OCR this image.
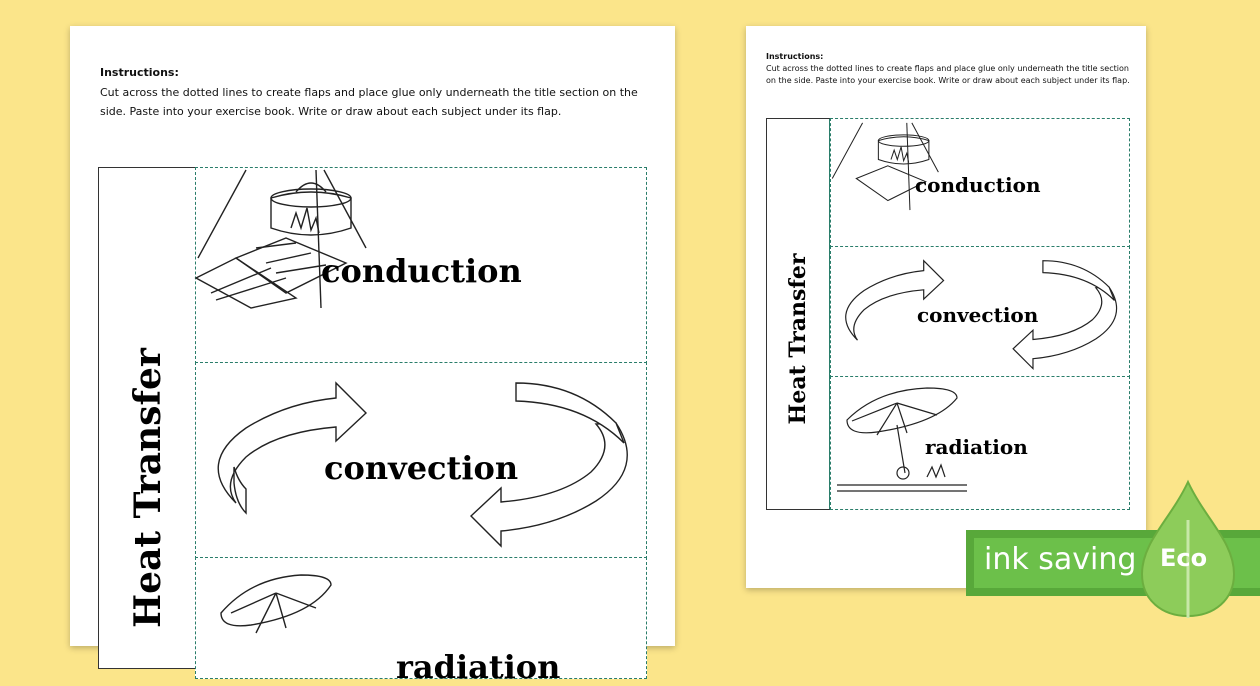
Instructions:
Cut across the dotted lines to create flaps and place glue only underneath the title section on the side. Paste into your exercise book. Write or draw about each subject under its flap.
Heat Transfer
conduction
convection
radiation
Instructions:
Cut across the dotted lines to create flaps and place glue only underneath the title section on the side. Paste into your exercise book. Write or draw about each subject under its flap.
Heat Transfer
conduction
convection
radiation
ink saving Eco
